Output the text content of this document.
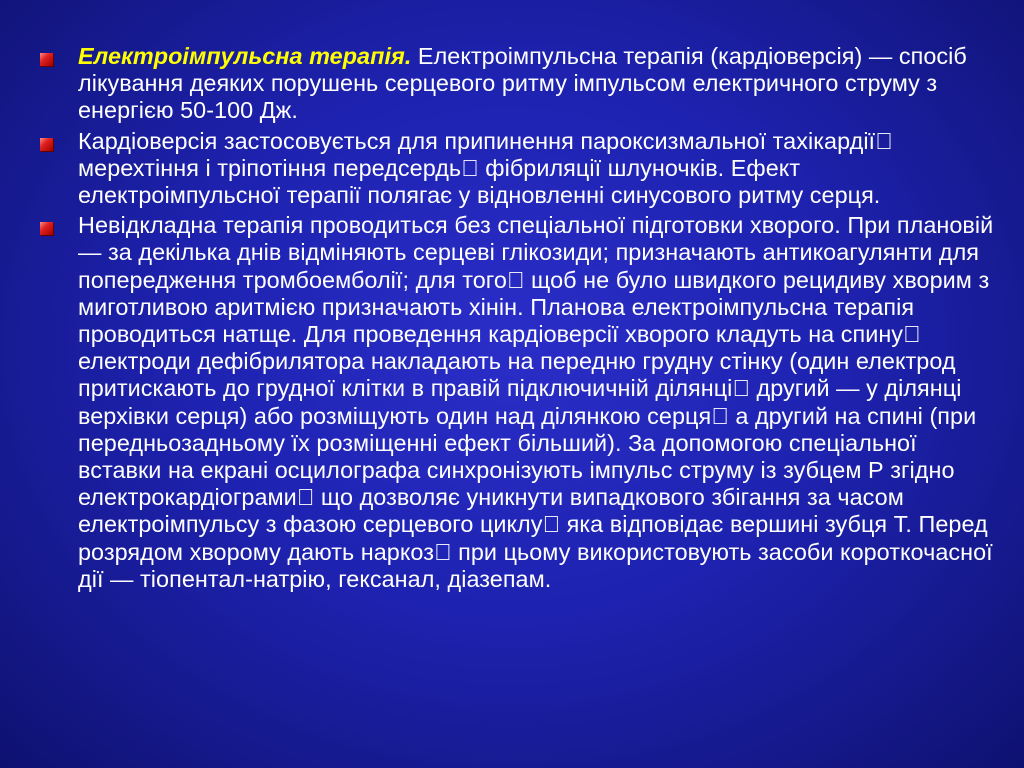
Електроімпульсна терапія. Електроімпульсна терапія (кардіоверсія) — спосіб лікування деяких порушень серцевого ритму імпульсом електричного струму з енергією 50-100 Дж.
Кардіоверсія застосовується для припинення пароксизмальної тахікардії мерехтіння і тріпотіння передсердь фібриляції шлуночків. Ефект електроімпульсної терапії полягає у відновленні синусового ритму серця.
Невідкладна терапія проводиться без спеціальної підготовки хворого. При плановій — за декілька днів відміняють серцеві глікозиди; призначають антикоагулянти для попередження тромбоемболії; для того щоб не було швидкого рецидиву хворим з миготливою аритмією призначають хінін. Планова електроімпульсна терапія проводиться натще. Для проведення кардіоверсії хворого кладуть на спину електроди дефібрилятора накладають на передню грудну стінку (один електрод притискають до грудної клітки в правій підключичній ділянці другий — у ділянці верхівки серця) або розміщують один над ділянкою серця а другий на спині (при передньозадньому їх розміщенні ефект більший). За допомогою спеціальної вставки на екрані осцилографа синхронізують імпульс струму із зубцем Р згідно електрокардіограми що дозволяє уникнути випадкового збігання за часом електроімпульсу з фазою серцевого циклу яка відповідає вершині зубця Т. Перед розрядом хворому дають наркоз при цьому використовують засоби короткочасної дії — тіопентал-натрію, гексанал, діазепам.
